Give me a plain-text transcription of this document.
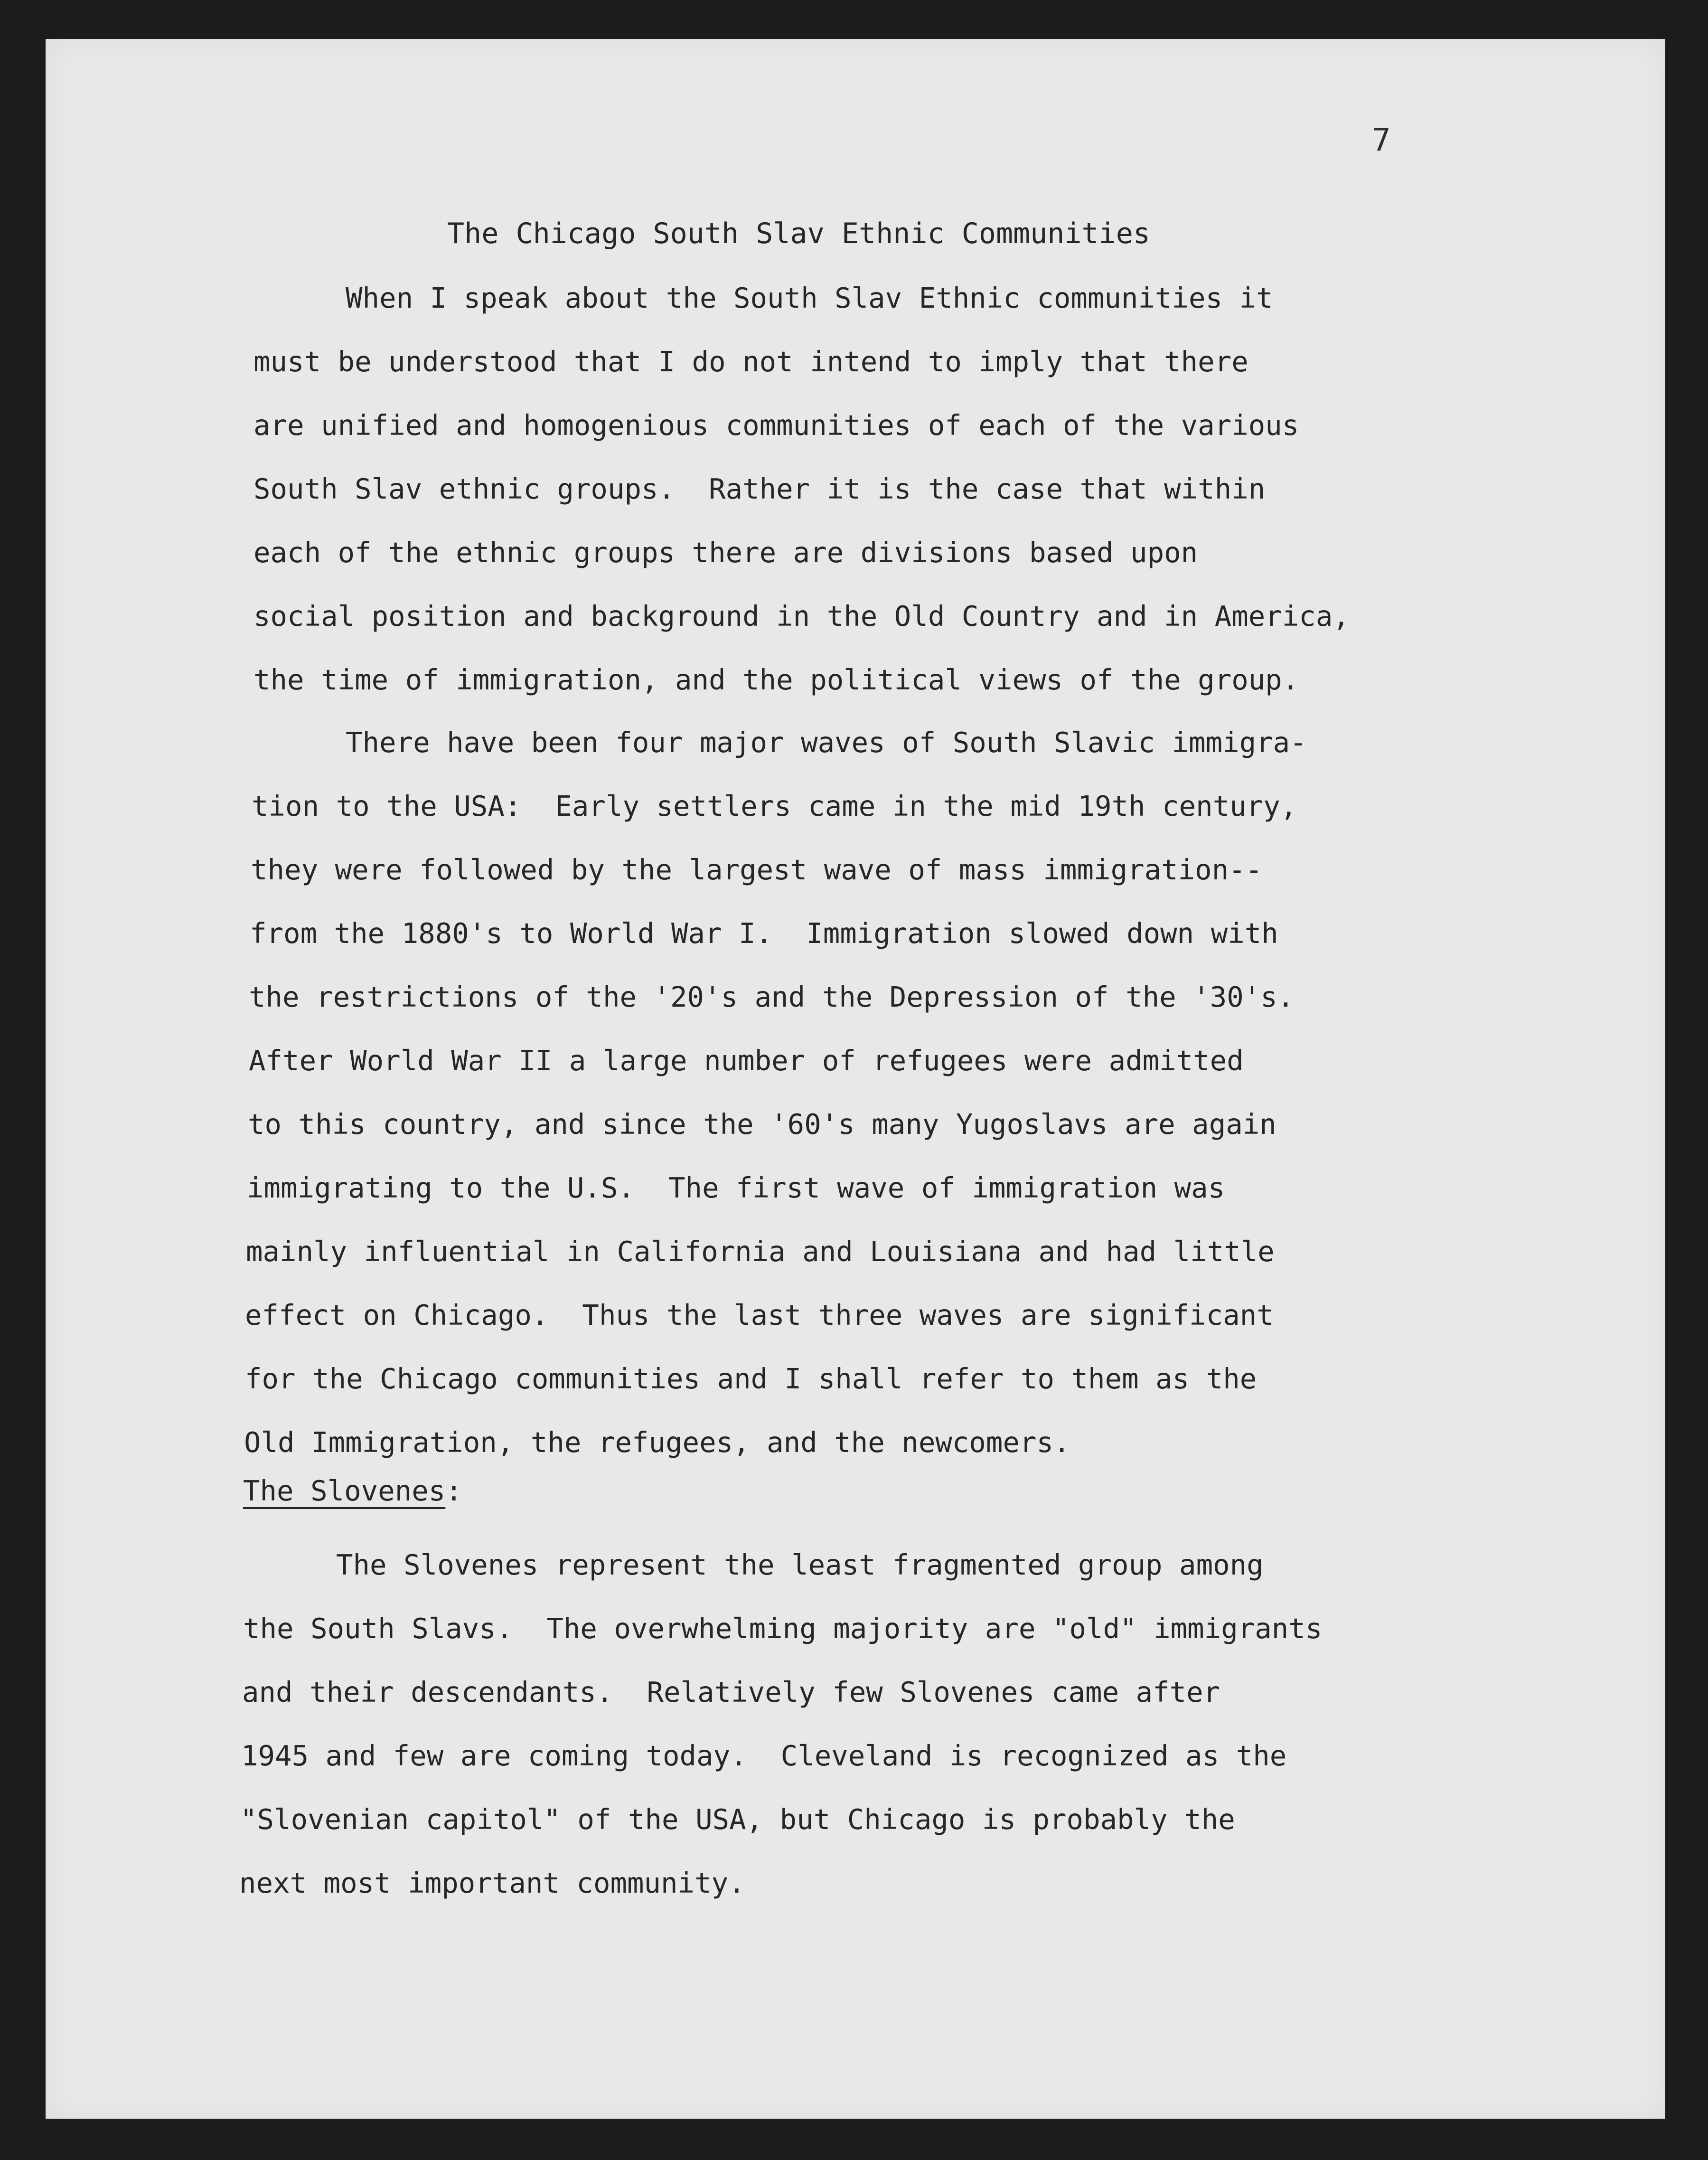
7
The Chicago South Slav Ethnic Communities
When I speak about the South Slav Ethnic communities it
must be understood that I do not intend to imply that there
are unified and homogenious communities of each of the various
South Slav ethnic groups.  Rather it is the case that within
each of the ethnic groups there are divisions based upon
social position and background in the Old Country and in America,
the time of immigration, and the political views of the group.
There have been four major waves of South Slavic immigra-
tion to the USA:  Early settlers came in the mid 19th century,
they were followed by the largest wave of mass immigration--
from the 1880's to World War I.  Immigration slowed down with
the restrictions of the '20's and the Depression of the '30's.
After World War II a large number of refugees were admitted
to this country, and since the '60's many Yugoslavs are again
immigrating to the U.S.  The first wave of immigration was
mainly influential in California and Louisiana and had little
effect on Chicago.  Thus the last three waves are significant
for the Chicago communities and I shall refer to them as the
Old Immigration, the refugees, and the newcomers.
The Slovenes:
The Slovenes represent the least fragmented group among
the South Slavs.  The overwhelming majority are "old" immigrants
and their descendants.  Relatively few Slovenes came after
1945 and few are coming today.  Cleveland is recognized as the
"Slovenian capitol" of the USA, but Chicago is probably the
next most important community.
